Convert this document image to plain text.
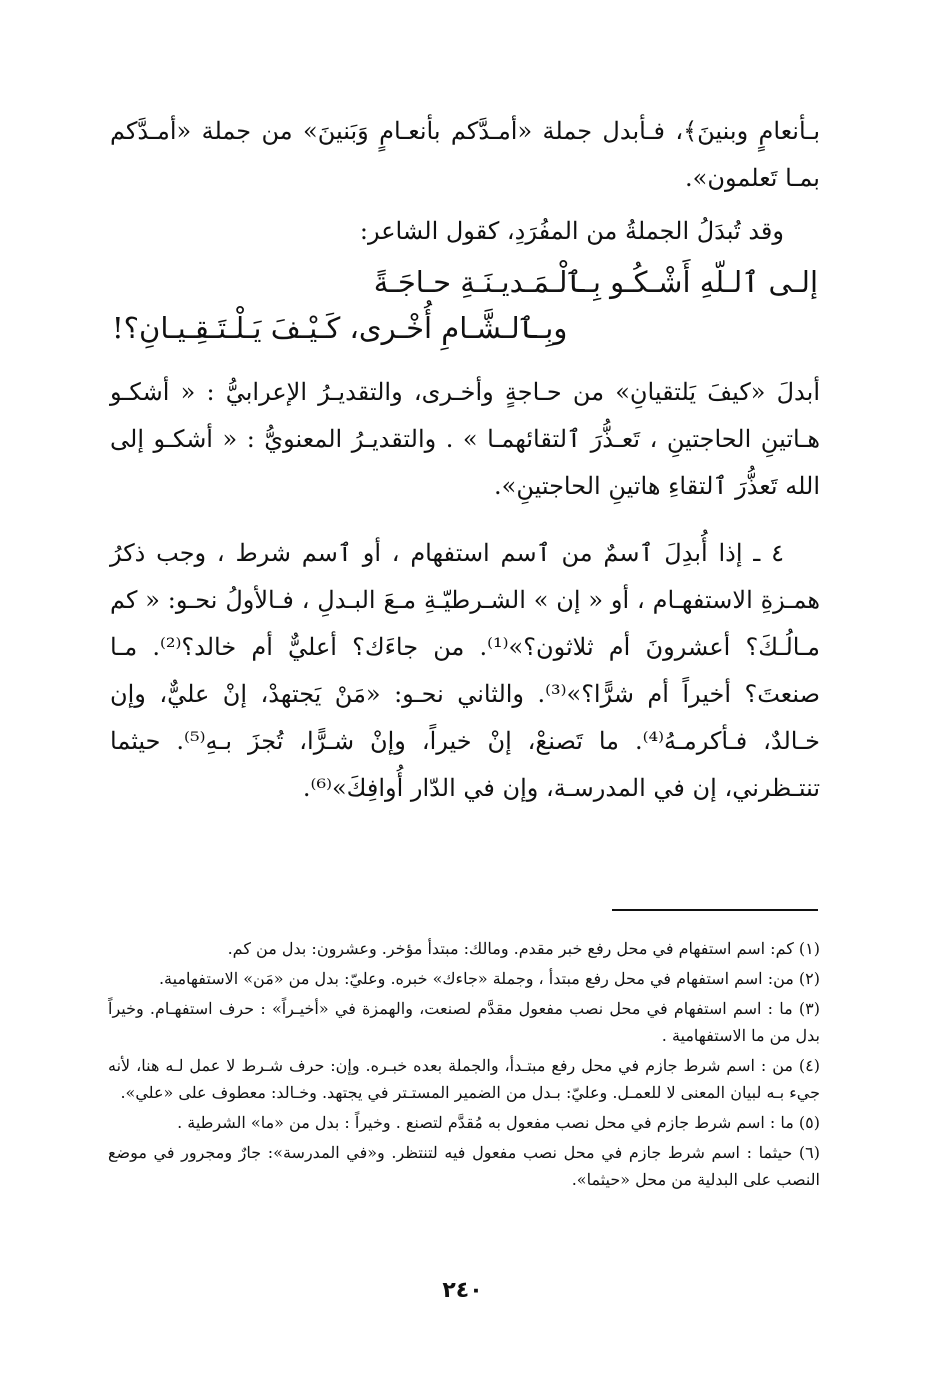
بـأنعامٍ وبنينَ﴾، فـأبدل جملة «أمـدَّكم بأنعـامٍ وَبَنينَ» من جملة «أمـدَّكم بمـا تَعلمون».

وقد تُبدَلُ الجملةُ من المفُرَدِ، كقول الشاعر:

إلـى ٱلـلّهِ أَشْـكُـو بِـٱلْـمَـديـنَـةِ حـاجَـةً
وبِـٱلـشَّـامِ أُخْـرى، كَـيْـفَ يَـلْـتَـقِـيـانِ؟!

أبدلَ «كيفَ يَلتقيانِ» من حـاجةٍ وأخـرى، والتقديـرُ الإعرابيُّ : « أشكـو هـاتينِ الحاجتينِ ، تَعـذُّرَ ٱلتقائهمـا » . والتقديـرُ المعنويُّ : « أشكـو إلى الله تَعذُّرَ ٱلتقاءِ هاتينِ الحاجتينِ».

٤ ـ إذا أُبدِلَ ٱسمٌ من ٱسم استفهام ، أو ٱسم شرط ، وجب ذكرُ همـزةِ الاستفهـام ، أو « إن » الشـرطيّـةِ مـعَ البـدلِ ، فـالأولُ نحـو: « كم مـالُـكَ؟ أعشرونَ أم ثلاثون؟»⁽¹⁾. من جاءَك؟ أعليٌّ أم خالد؟⁽²⁾. مـا صنعتَ؟ أخيراً أم شرًّا؟»⁽³⁾. والثاني نحـو: «مَنْ يَجتهدْ، إنْ عليٌّ، وإن خـالدٌ، فـأكرمـهُ⁽⁴⁾. ما تَصنعْ، إنْ خيراً، وإنْ شـرًّا، تُجزَ بـهِ⁽⁵⁾. حيثما تنتـظرني، إن في المدرسـة، وإن في الدّار أُوافِكَ»⁽⁶⁾.

(١) كم: اسم استفهام في محل رفع خبر مقدم. ومالك: مبتدأ مؤخر. وعشرون: بدل من كم.

(٢) من: اسم استفهام في محل رفع مبتدأ ، وجملة «جاءك» خبره. وعليّ: بدل من «مَن» الاستفهامية.

(٣) ما : اسم استفهام في محل نصب مفعول مقدَّم لصنعت، والهمزة في «أخيـراً» : حرف استفهـام. وخيراً بدل من ما الاستفهامية .

(٤) من : اسم شرط جازم في محل رفع مبتـدأ، والجملة بعده خبـره. وإن: حرف شـرط لا عمل لـه هنا، لأنه جيء بـه لبيان المعنى لا للعمـل. وعليّ: بـدل من الضمير المستـتر في يجتهد. وخـالد: معطوف على «علي».

(٥) ما : اسم شرط جازم في محل نصب مفعول به مُقدَّم لتصنع . وخيراً : بدل من «ما» الشرطية .

(٦) حيثما : اسم شرط جازم في محل نصب مفعول فيه لتنتظر. و«في المدرسة»: جارٌ ومجرور في موضع النصب على البدلية من محل «حيثما».

٢٤٠
